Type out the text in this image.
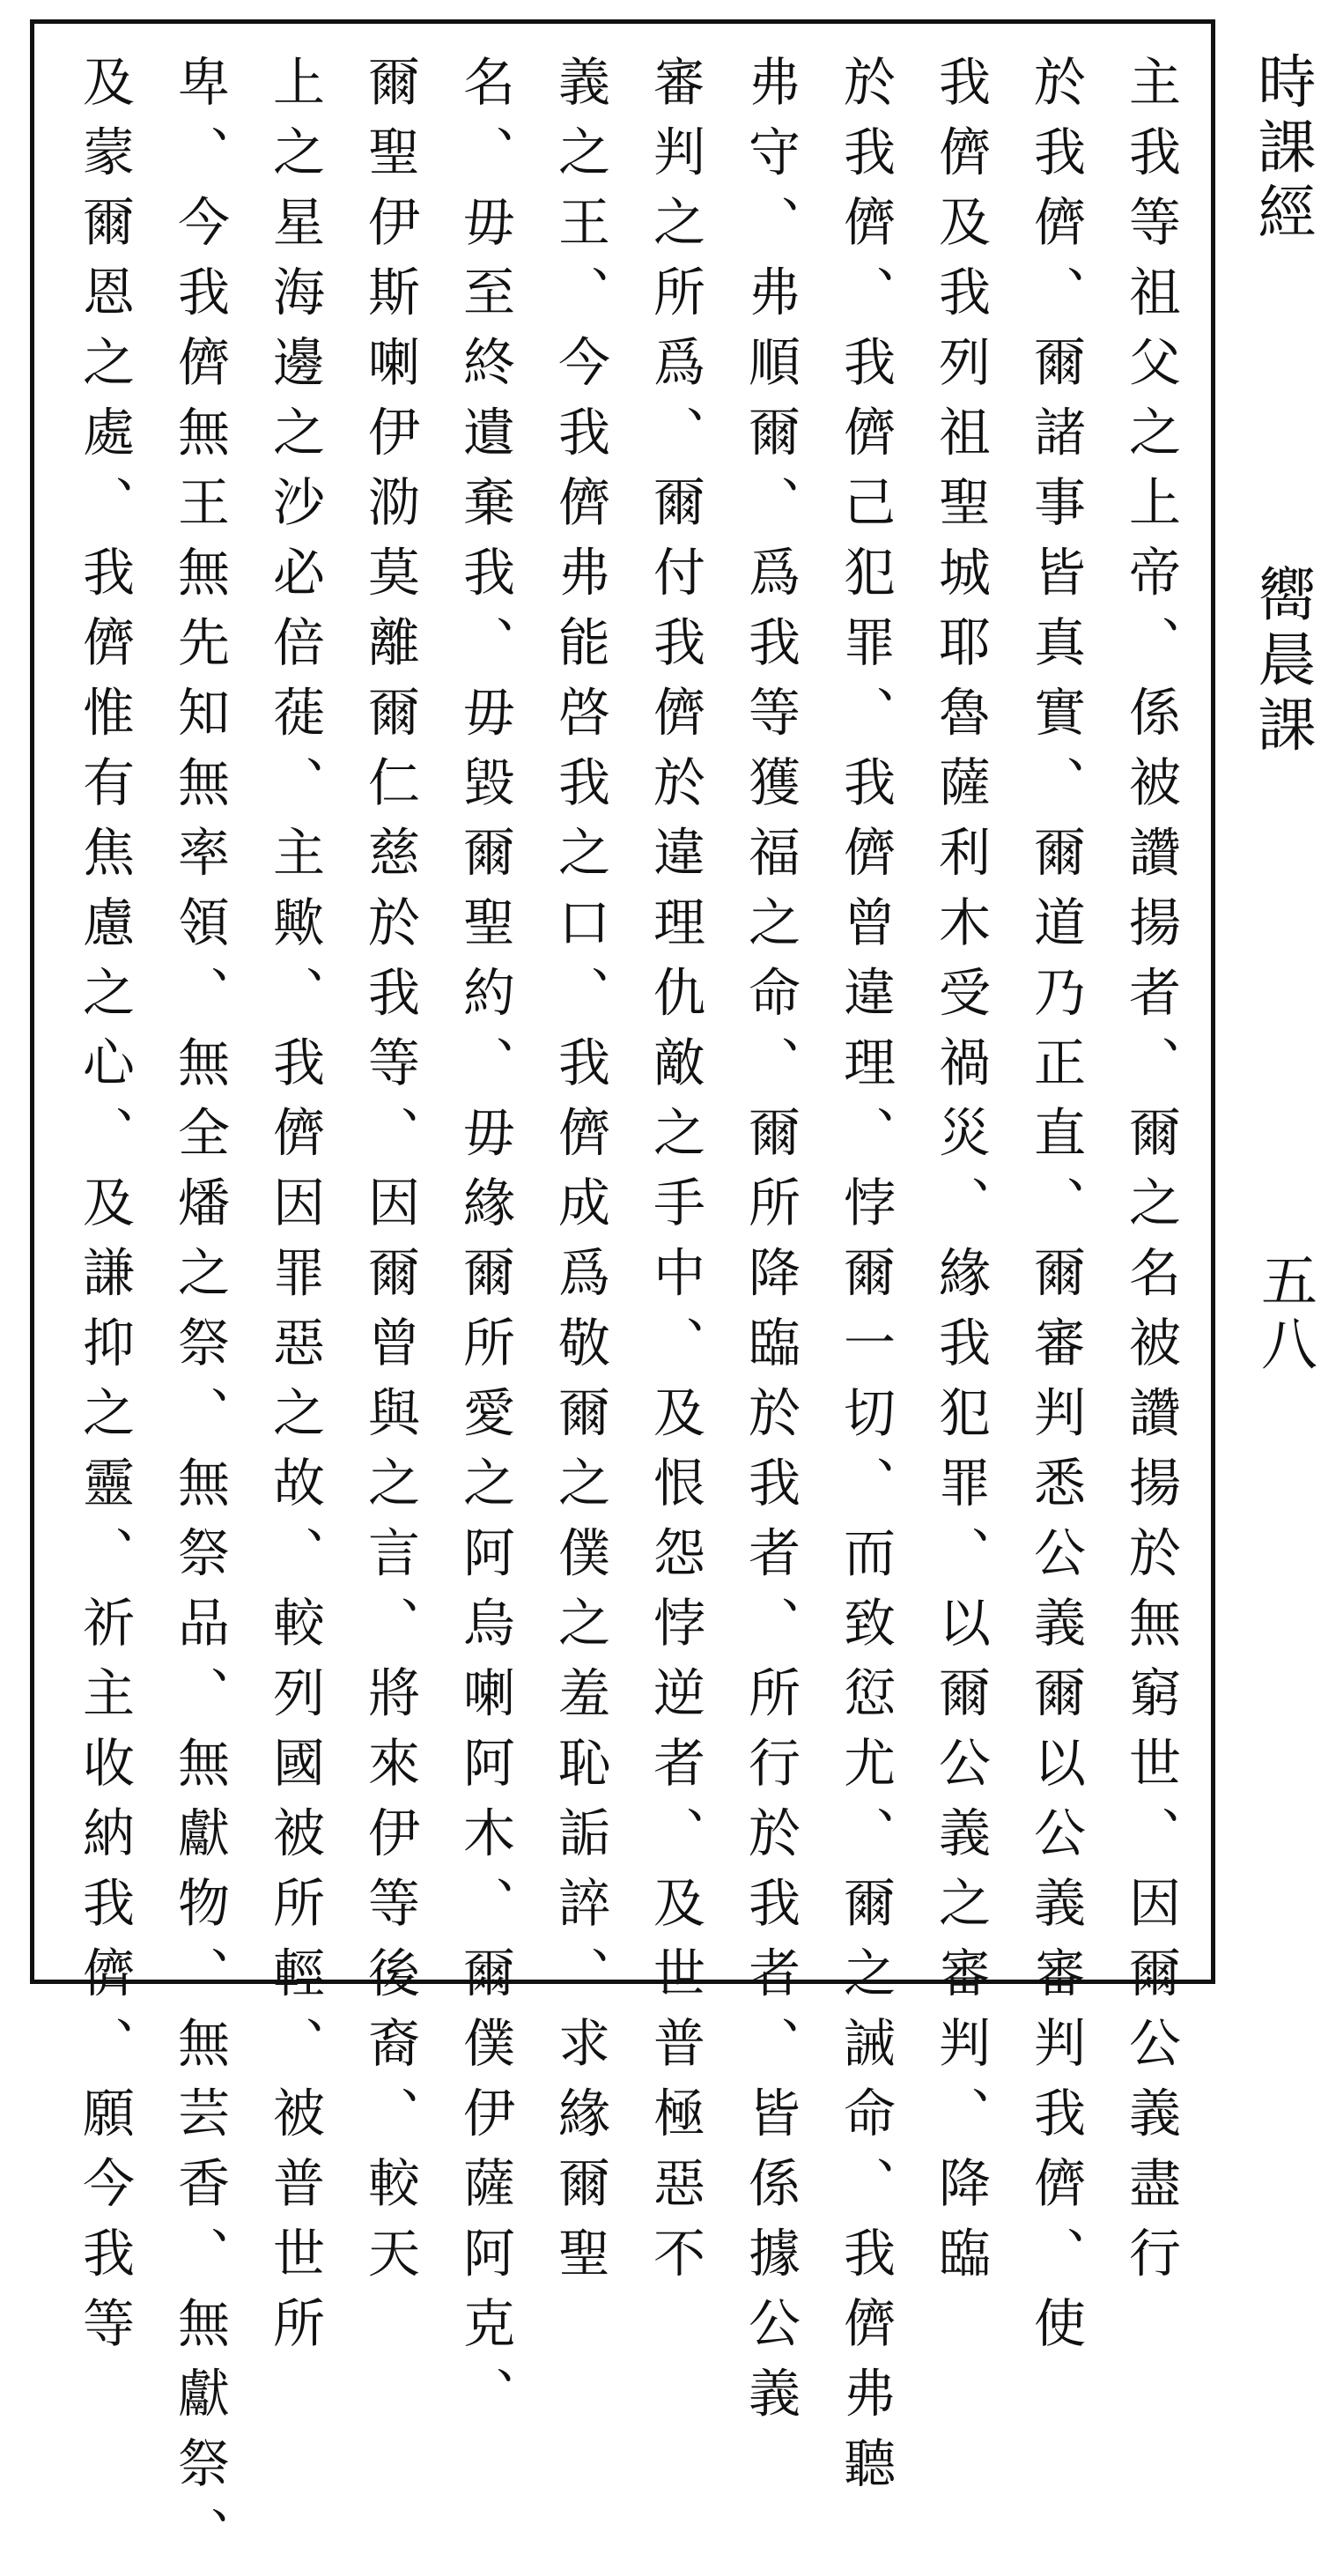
時課經
嚮晨課
五八
主我等祖父之上帝、係被讚揚者、爾之名被讚揚於無窮世、因爾公義盡行
於我儕、爾諸事皆真實、爾道乃正直、爾審判悉公義爾以公義審判我儕、使
我儕及我列祖聖城耶魯薩利木受禍災、緣我犯罪、以爾公義之審判、降臨
於我儕、我儕己犯罪、我儕曾違理、悖爾一切、而致愆尤、爾之誡命、我儕弗聽
弗守、弗順爾、爲我等獲福之命、爾所降臨於我者、所行於我者、皆係據公義
審判之所爲、爾付我儕於違理仇敵之手中、及恨怨悖逆者、及世普極惡不
義之王、今我儕弗能啓我之口、我儕成爲敬爾之僕之羞恥詬誶、求緣爾聖
名、毋至終遺棄我、毋毀爾聖約、毋緣爾所愛之阿烏喇阿木、爾僕伊薩阿克、
爾聖伊斯喇伊泐莫離爾仁慈於我等、因爾曾與之言、將來伊等後裔、較天
上之星海邊之沙必倍蓰、主歟、我儕因罪惡之故、較列國被所輕、被普世所
卑、今我儕無王無先知無率領、無全燔之祭、無祭品、無獻物、無芸香、無獻祭、
及蒙爾恩之處、我儕惟有焦慮之心、及謙抑之靈、祈主收納我儕、願今我等
